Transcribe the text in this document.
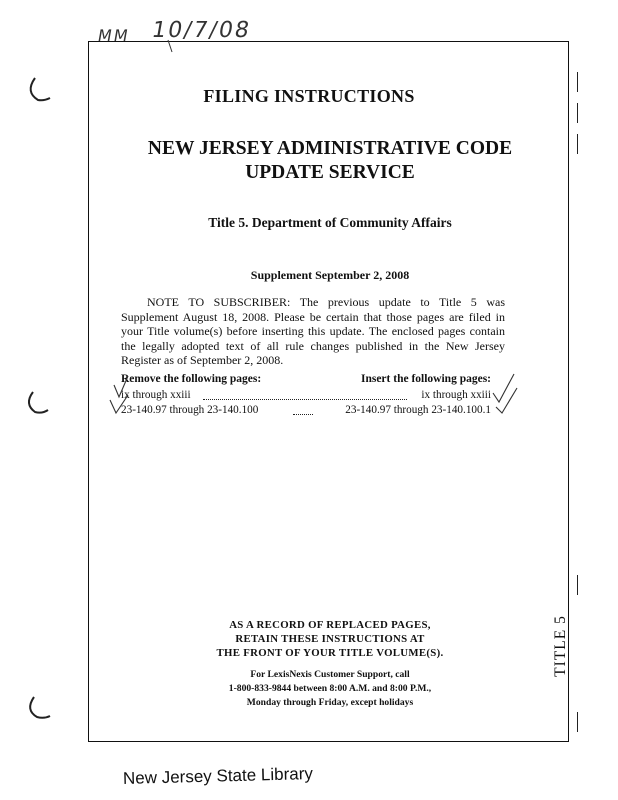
MM 10/7/08
FILING INSTRUCTIONS
NEW JERSEY ADMINISTRATIVE CODE
UPDATE SERVICE
Title 5. Department of Community Affairs
Supplement September 2, 2008
NOTE TO SUBSCRIBER: The previous update to Title 5 was Supplement August 18, 2008. Please be certain that those pages are filed in your Title volume(s) before inserting this update. The enclosed pages contain the legally adopted text of all rule changes published in the New Jersey Register as of September 2, 2008.
Remove the following pages:	Insert the following pages:
ix through xxiii	ix through xxiii
23-140.97 through 23-140.100	23-140.97 through 23-140.100.1
AS A RECORD OF REPLACED PAGES,
RETAIN THESE INSTRUCTIONS AT
THE FRONT OF YOUR TITLE VOLUME(S).
For LexisNexis Customer Support, call
1-800-833-9844 between 8:00 A.M. and 8:00 P.M.,
Monday through Friday, except holidays
TITLE 5
New Jersey State Library
